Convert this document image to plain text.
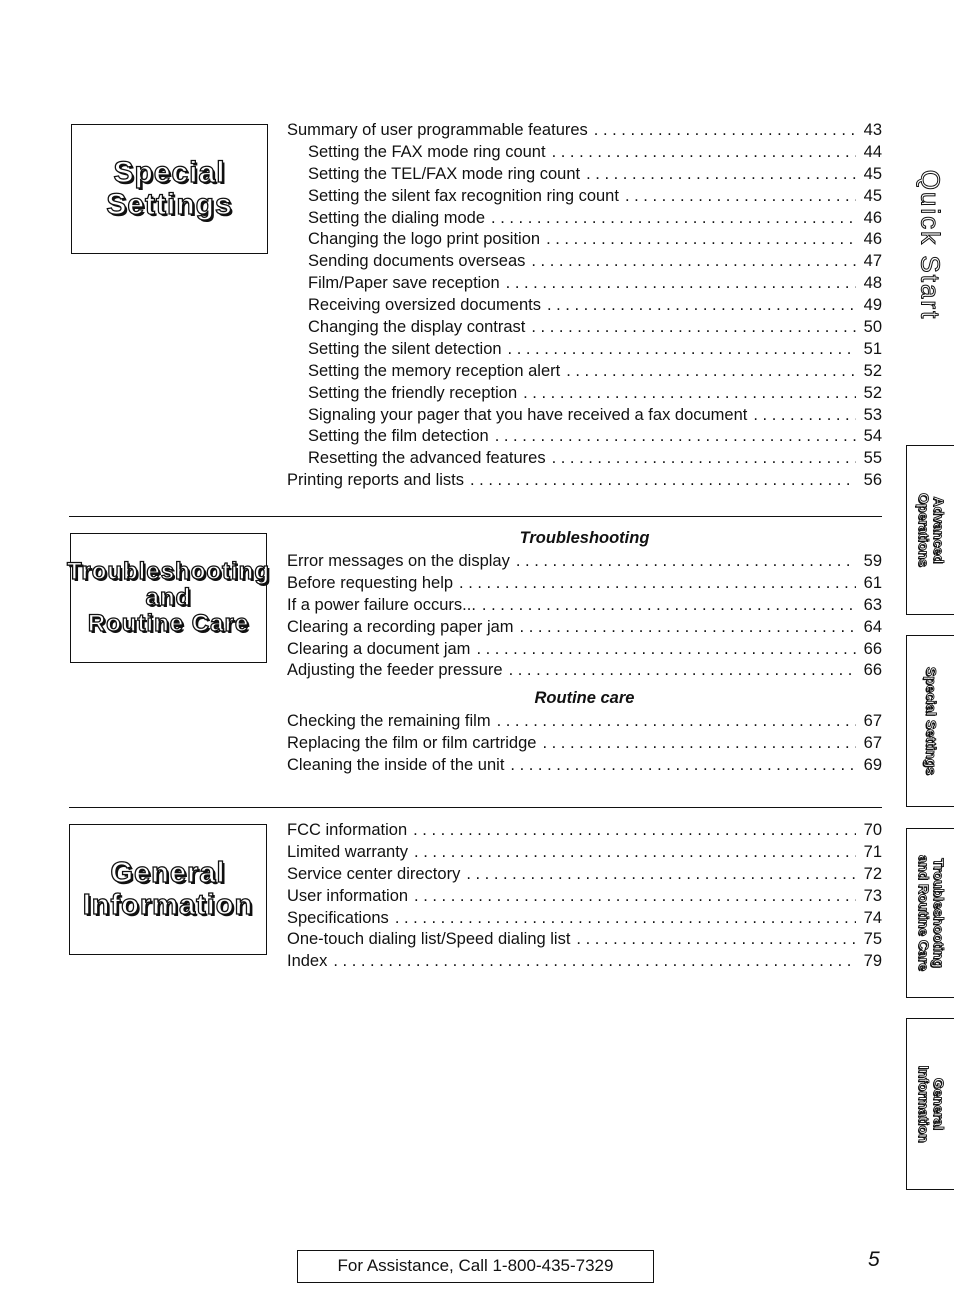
Special
Settings
Troubleshooting
and
Routine Care
General
Information
Summary of user programmable features . . .	43
Setting the FAX mode ring count . . .	44
Setting the TEL/FAX mode ring count . . .	45
Setting the silent fax recognition ring count . . .	45
Setting the dialing mode . . .	46
Changing the logo print position . . .	46
Sending documents overseas . . .	47
Film/Paper save reception . . .	48
Receiving oversized documents . . .	49
Changing the display contrast . . .	50
Setting the silent detection . . .	51
Setting the memory reception alert . . .	52
Setting the friendly reception . . .	52
Signaling your pager that you have received a fax document . . .	53
Setting the film detection . . .	54
Resetting the advanced features . . .	55
Printing reports and lists . . .	56
Troubleshooting
Error messages on the display . . .	59
Before requesting help . . .	61
If a power failure occurs... . . .	63
Clearing a recording paper jam . . .	64
Clearing a document jam . . .	66
Adjusting the feeder pressure . . .	66
Routine care
Checking the remaining film . . .	67
Replacing the film or film cartridge . . .	67
Cleaning the inside of the unit . . .	69
FCC information . . .	70
Limited warranty . . .	71
Service center directory . . .	72
User information . . .	73
Specifications . . .	74
One-touch dialing list/Speed dialing list . . .	75
Index . . .	79
Quick Start
Advanced
Operations
Special Settings
Troubleshooting
and Routine Care
General
Information
For Assistance, Call 1-800-435-7329	5
